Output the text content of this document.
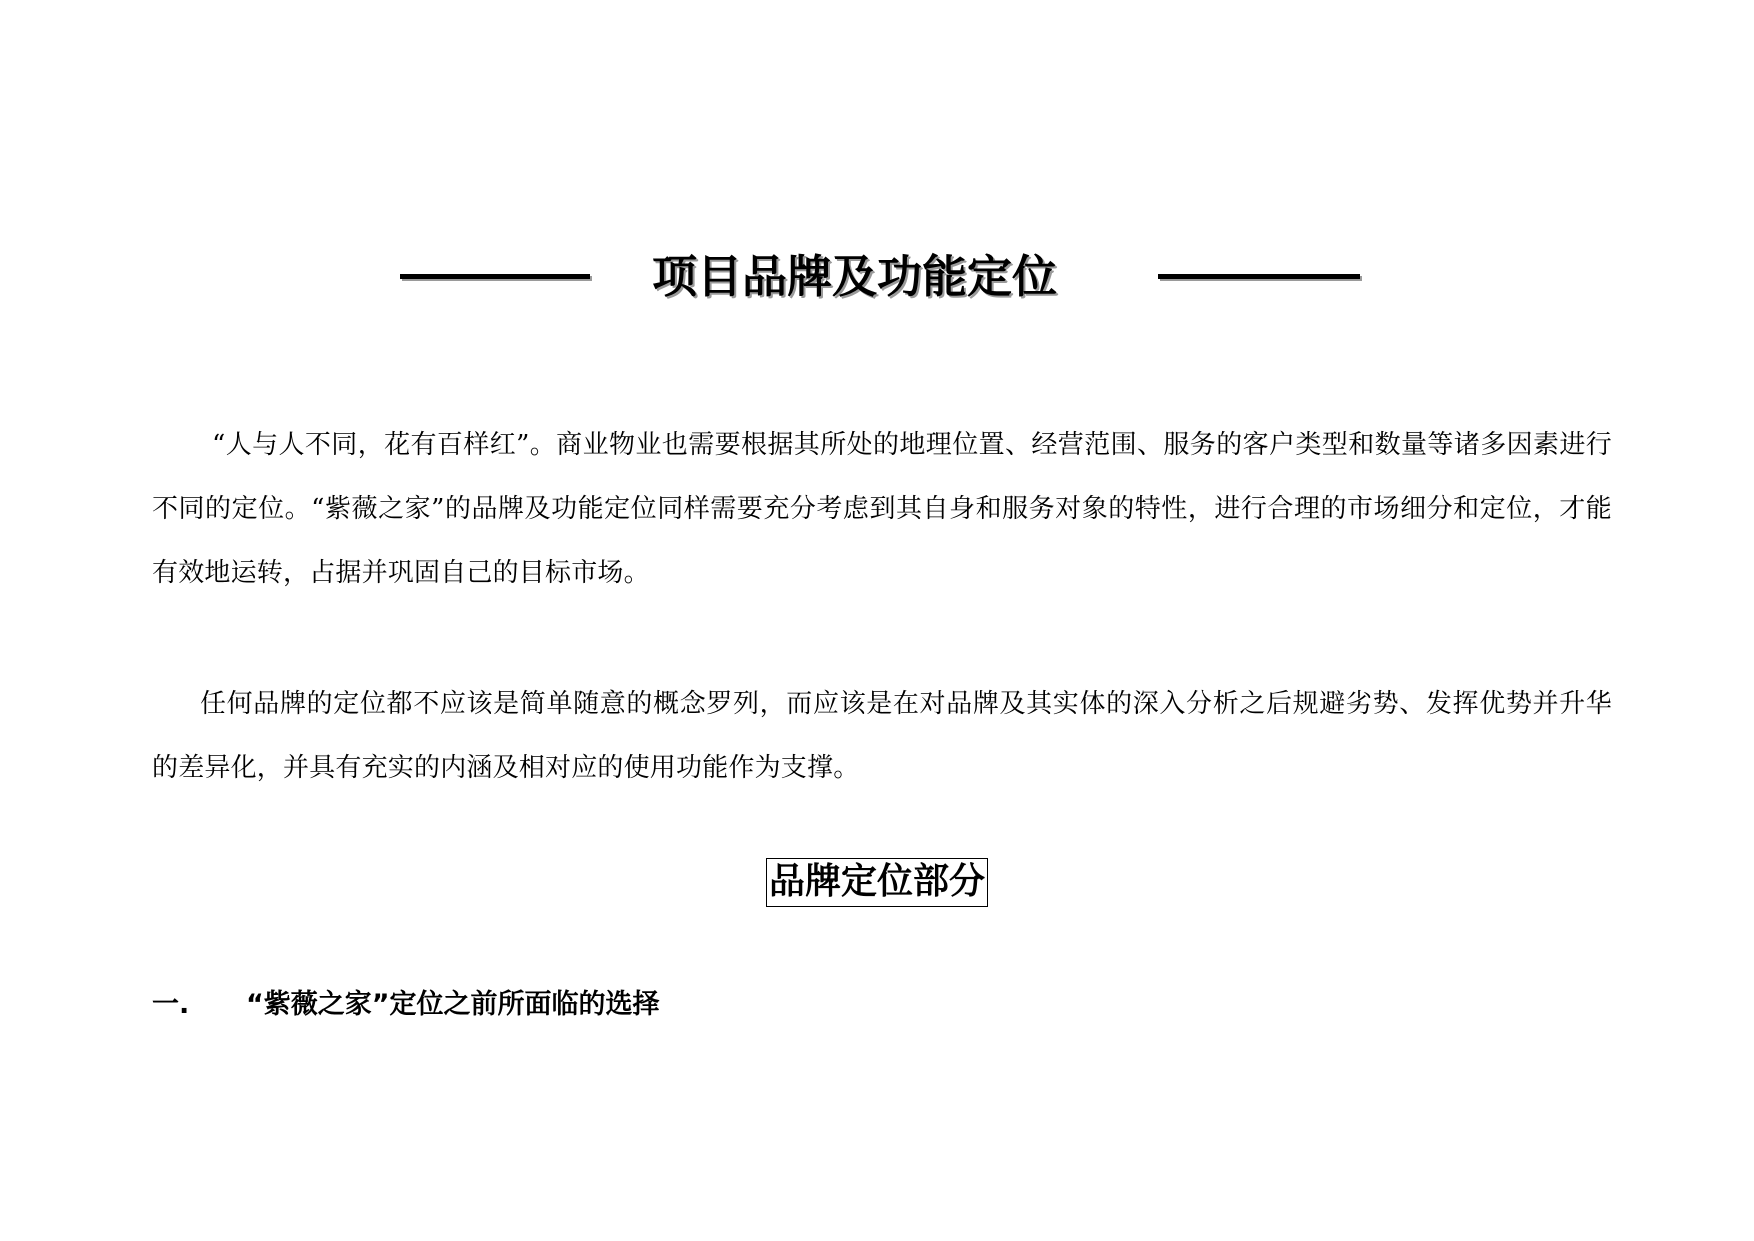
项目品牌及功能定位

“人与人不同，花有百样红”。商业物业也需要根据其所处的地理位置、经营范围、服务的客户类型和数量等诸多因素进行不同的定位。“紫薇之家”的品牌及功能定位同样需要充分考虑到其自身和服务对象的特性，进行合理的市场细分和定位，才能有效地运转，占据并巩固自己的目标市场。

任何品牌的定位都不应该是简单随意的概念罗列，而应该是在对品牌及其实体的深入分析之后规避劣势、发挥优势并升华的差异化，并具有充实的内涵及相对应的使用功能作为支撑。

品牌定位部分
一. “紫薇之家”定位之前所面临的选择
